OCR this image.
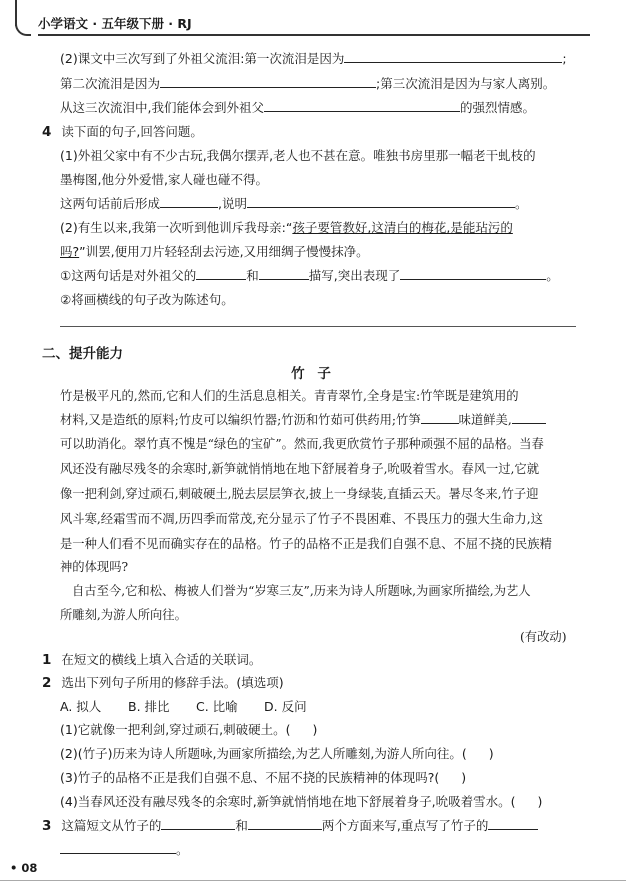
小学语文 · 五年级下册 · RJ
(2)课文中三次写到了外祖父流泪:第一次流泪是因为	;
第二次流泪是因为	;第三次流泪是因为与家人离别。
从这三次流泪中,我们能体会到外祖父	的强烈情感。
4 读下面的句子,回答问题。
(1)外祖父家中有不少古玩,我偶尔摆弄,老人也不甚在意。唯独书房里那一幅老干虬枝的
墨梅图,他分外爱惜,家人碰也碰不得。
这两句话前后形成	,说明	。
(2)有生以来,我第一次听到他训斥我母亲:“孩子要管教好,这清白的梅花,是能玷污的
吗?”训罢,便用刀片轻轻刮去污迹,又用细绸子慢慢抹净。
①这两句话是对外祖父的	和	描写,突出表现了	。
②将画横线的句子改为陈述句。
二、提升能力
竹 子
竹是极平凡的,然而,它和人们的生活息息相关。青青翠竹,全身是宝:竹竿既是建筑用的
材料,又是造纸的原料;竹皮可以编织竹器;竹沥和竹茹可供药用;竹笋	味道鲜美,
可以助消化。翠竹真不愧是“绿色的宝矿”。然而,我更欣赏竹子那种顽强不屈的品格。当春
风还没有融尽残冬的余寒时,新笋就悄悄地在地下舒展着身子,吮吸着雪水。春风一过,它就
像一把利剑,穿过顽石,刺破硬土,脱去层层笋衣,披上一身绿装,直插云天。暑尽冬来,竹子迎
风斗寒,经霜雪而不凋,历四季而常茂,充分显示了竹子不畏困难、不畏压力的强大生命力,这
是一种人们看不见而确实存在的品格。竹子的品格不正是我们自强不息、不屈不挠的民族精
神的体现吗?
自古至今,它和松、梅被人们誉为“岁寒三友”,历来为诗人所题咏,为画家所描绘,为艺人
所雕刻,为游人所向往。
(有改动)
1 在短文的横线上填入合适的关联词。
2 选出下列句子所用的修辞手法。(填选项)
A. 拟人 B. 排比 C. 比喻 D. 反问
(1)它就像一把利剑,穿过顽石,刺破硬土。( )
(2)(竹子)历来为诗人所题咏,为画家所描绘,为艺人所雕刻,为游人所向往。( )
(3)竹子的品格不正是我们自强不息、不屈不挠的民族精神的体现吗?( )
(4)当春风还没有融尽残冬的余寒时,新笋就悄悄地在地下舒展着身子,吮吸着雪水。( )
3 这篇短文从竹子的	和	两个方面来写,重点写了竹子的
。
• 08
